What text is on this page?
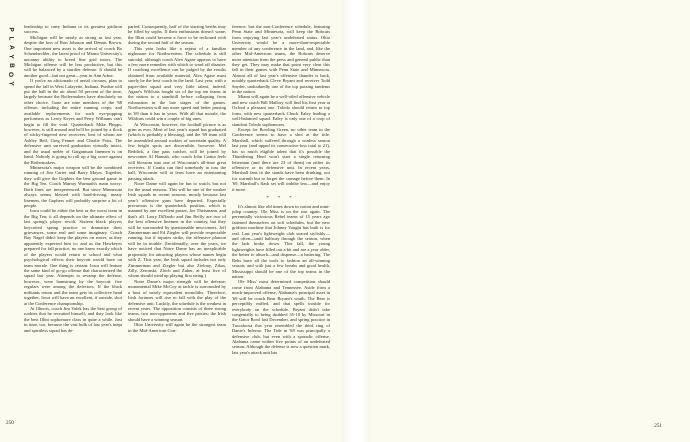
P
L
A
Y
B
O
Y

leadership to carry Indiana to its greatest gridiron success.

Michigan will be nearly as strong as last year, despite the loss of Ron Johnson and Dennis Brown. One important new asset is the arrival of coach Bo Schembechler, the latest proof of Miami University's uncanny ability to breed fine grid tutors. The Michigan offense will be less productive, but this will be balanced by a sturdier defense. It should be another good—but not great—year in Ann Arbor.

If you're an aficionado of aerial circuses, plan to spend the fall in West Lafayette, Indiana. Purdue will put the ball in the air about 50 percent of the time, largely because the Boilermakers have absolutely no other choice. Gone are nine members of the '68 offense, including the entire running corps; and available replacements for such eye-popping performers as Leroy Keyes and Perry Williams can't begin to fill the void. Quarterback Mike Phipps, however, is still around and he'll be joined by a flock of sticky-fingered new receivers, best of whom are Ashley Bell, Greg Fenner and Charlie Potts. The defensive unit survived graduation virtually intact, and the usual melée of Gargantuan linemen is on hand. Nobody is going to roll up a big score against the Boilermakers.

Minnesota's major weapon will be the combined running of Jim Carter and Barry Mayer. Together, they will give the Gophers the best ground game in the Big Ten. Coach Murray Warmath's main worry: Both lines are inexperienced. But since Minnesota always seems blessed with hard-driving, meaty linemen, the Gophers will probably surprise a lot of people.

Iowa could be either the best or the worst team in the Big Ten; it all depends on the ultimate effect of last spring's player revolt. Sixteen black players boycotted spring practice to dramatize their grievances, some real and some imaginary. Coach Ray Nagel didn't keep the players on roster, as they apparently expected him to; and as the Hawkeyes prepared for fall practice, no one knew exactly which of the players would return to school and what psychological effects their boycott would have on team morale. One thing is certain: Iowa will feature the same kind of go-go offense that characterized the squad last year. Attempts to revamp the defense, however, were hamstrung by the boycott: five regulars were among the defectors. If the black militants return and the team gets its collective head together, Iowa will have an excellent, if outside, shot at the Conference championship.

At Illinois, coach Jim Valek has the best group of rookies that he recruited himself, and they look like the best Illini sophomore class in quite a while. Just in time, too, because the vast bulk of last year's inept and spiritless squad has de-

parted. Consequently, half of the starting berths may be filled by sophs. If their enthusiasm doesn't wane, the Illini could become a force to be reckoned with during the second half of the season.

This year looks like a repeat of a familiar nightmare for Northwestern. The schedule is still suicidal, although coach Alex Agase appears to have a few more remedies with which to ward off disaster. If coaching excellence can be judged by the results obtained from available material, Alex Agase must surely be the best coach in the land. Last year, with a paper-thin squad and very little talent, indeed, Agase's Wildcats fought six of the top ten teams in the nation to a standstill before collapsing from exhaustion in the late stages of the games. Northwestern will run more speed and better passing in '69 than it has in years. With all that morale, the Wildcats could win a couple of big ones.

At Wisconsin, however, the football picture is as grim as ever. Most of last year's squad has graduated (which is probably a blessing), and the '69 team will be assembled around rookies of uncertain quality. A few bright spots are discernible, however: Mel Reddick, a fine pass catcher, will be joined by newcomer Al Hannah, who coach John Coatta feels will blossom into one of Wisconsin's all-time great receivers. If Coatta can find somebody to toss the ball, Wisconsin will at least have an entertaining passing attack.

Notre Dame will again be fun to watch, but not for the usual reasons. This will be one of the weaker Irish squads in recent seasons, mostly because last year's offensive guns have departed. Especially precarious is the quarterback position, which is manned by one excellent passer, Joe Theismann, and that's all. Larry DiNardo and Jim Reilly are two of the best offensive linemen in the country, but they will be surrounded by questionable newcomers. Jeff Zimmerman and Ed Ziegler will provide respectable running, but if injuries strike, the offensive platoon will be in trouble. (Incidentally, over the years, we have noticed that Notre Dame has an inexplicable propensity for attracting players whose names begin with Z. This year, the Irish squad includes not only Zimmerman and Ziegler but also Zielony, Zikas, Zilly, Zeronski, Zloch and Zuber, at least five of whom should wind up playing first string.)

Notre Dame's major strength will be defense; monumental Mike McCoy at tackle is surrounded by a host of nearly equivalent monoliths. Therefore, Irish fortunes will rise or fall with the play of the defensive unit. Luckily, the schedule is the weakest in recent years. The opposition consists of three strong teams, two non-opponents and five patsies; the Irish should have a winning season.

Ohio University will again be the strongest team in the Mid-American Con-

ference; but the non-Conference schedule, featuring Penn State and Minnesota, will keep the Bobcats from enjoying last year's undefeated status. Ohio University would be a more-than-respectable member of any conference in the land, and, like the other Mid-American teams, the Bobcats deserve more attention from the press and general public than they get. They may make that point very clear this fall in their games with Penn State and Minnesota. Almost all of last year's offensive thunder is back, notably quarterback Cleve Bryant and receiver Todd Snyder, undoubtedly one of the top passing tandems in the nation.

Miami will again be a well-oiled offensive vehicle and new coach Bill Mallory will find his first year at Oxford a pleasant one. Toledo should return to top form, with new quarterback Chuck Ealey leading a well-balanced squad. Ealey is only one of a crop of standout Toledo sophomores.

Except for Bowling Green, no other team in the Conference seems to have a shot at the title. Marshall, which suffered through a winless season last year (and upped its consecutive-loss total to 21), has so much eligible talent that it's possible the Thundering Herd won't start a single returning letterman (and there are 23 of them) on either its offensive or its defensive unit. In recent years, Marshall fans in the stands have been drinking, not for warmth but to forget the carnage before them. In '69, Marshall's flask set will imbibe less—and enjoy it more.

* * *

It's almost like old times down in cotton and mint-julep country: Ole Miss is on the rise again. The perennially victorious Rebel teams of 15 years ago fattened themselves on soft schedules, but the new gridiron machine that Johnny Vaught has built is for real. Last year's lightweight club soared stylishly—and often—until halfway through the season, when the lads broke down. This fall, the young lightweights have filled out a bit and are a year older, the better to absorb—and dispense—a battering. The Rebs have all the tools to fashion an all-winning season; and with just a few breaks and good health, Mississippi should be one of the top teams in the nation.

Ole Miss' most determined competition should come from Alabama and Tennessee. Aside from a much-improved offense, Alabama's principal asset in '69 will be coach Bear Bryant's wrath. The Bear is perceptibly miffed, and that spells trouble for everybody on the schedule. Bryant didn't take congenially to being drubbed 35-10 by Missouri in the Gator Bowl last December, and spring practice in Tuscaloosa this year resembled the third ring of Dante's Inferno. The Tide in '68 was principally a defensive club, but even with a sporadic offense, Alabama came within five points of an undefeated season. Although the defense is now a question mark, last year's attack unit has

250	251
